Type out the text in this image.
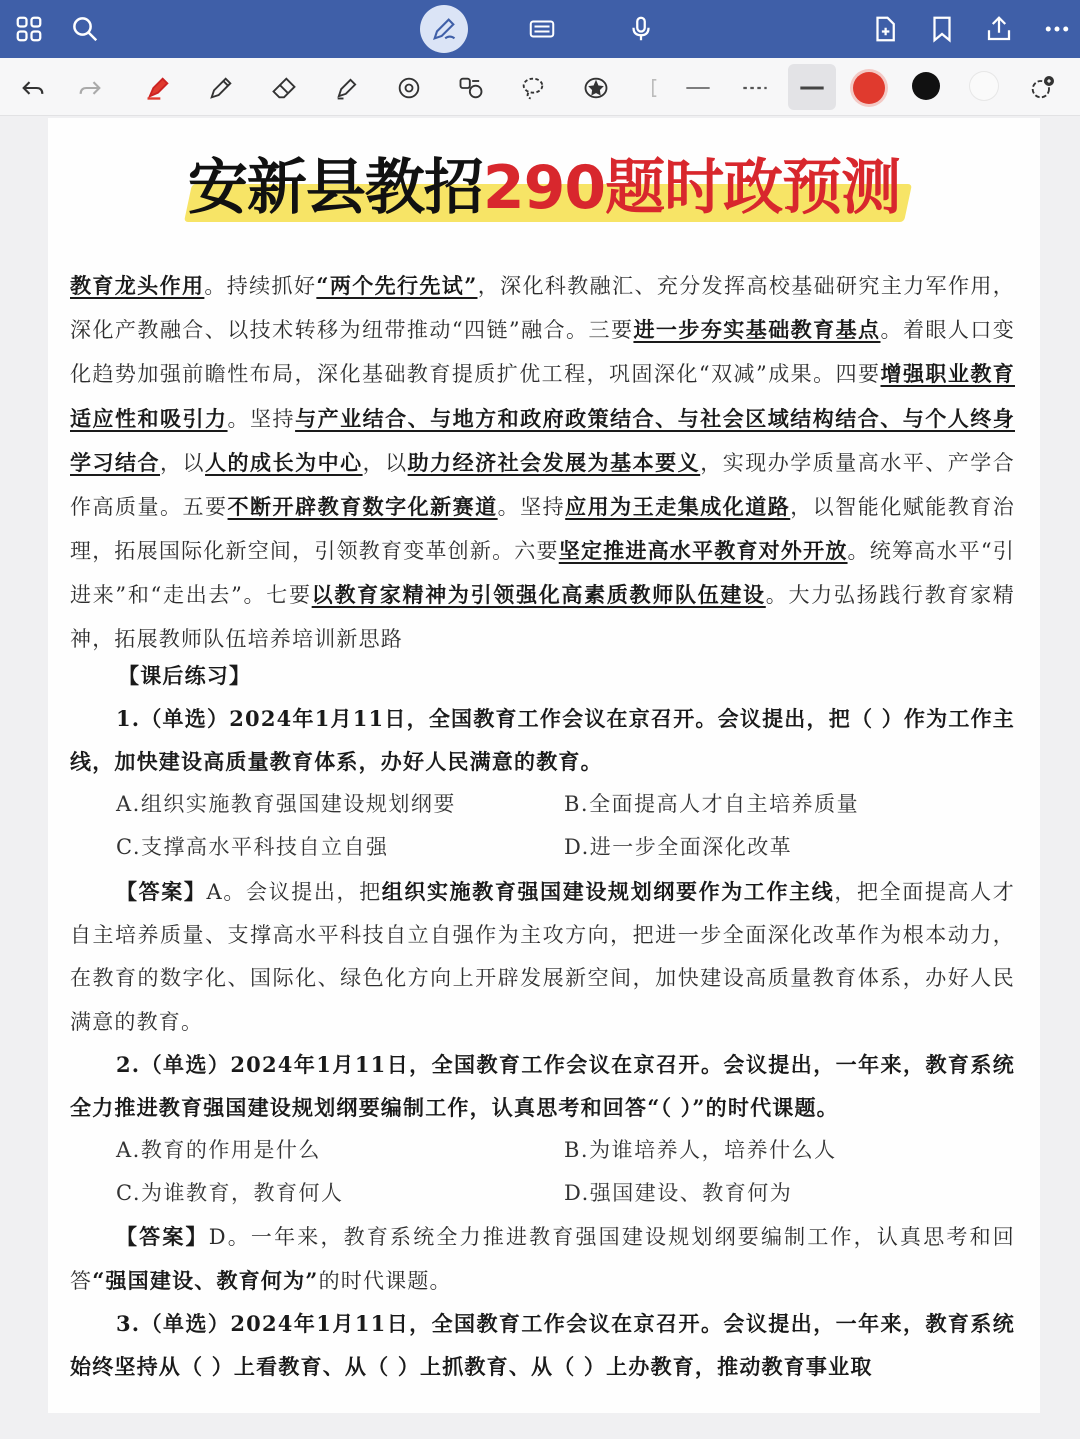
安新县教招290题时政预测
教育龙头作用。持续抓好“两个先行先试”，深化科教融汇、充分发挥高校基础研究主力军作用，深化产教融合、以技术转移为纽带推动“四链”融合。三要进一步夯实基础教育基点。着眼人口变化趋势加强前瞻性布局，深化基础教育提质扩优工程，巩固深化“双减”成果。四要增强职业教育适应性和吸引力。坚持与产业结合、与地方和政府政策结合、与社会区域结构结合、与个人终身学习结合，以人的成长为中心，以助力经济社会发展为基本要义，实现办学质量高水平、产学合作高质量。五要不断开辟教育数字化新赛道。坚持应用为王走集成化道路，以智能化赋能教育治理，拓展国际化新空间，引领教育变革创新。六要坚定推进高水平教育对外开放。统筹高水平“引进来”和“走出去”。七要以教育家精神为引领强化高素质教师队伍建设。大力弘扬践行教育家精神，拓展教师队伍培养培训新思路
【课后练习】
1.（单选）2024年1月11日，全国教育工作会议在京召开。会议提出，把（ ）作为工作主线，加快建设高质量教育体系，办好人民满意的教育。
A.组织实施教育强国建设规划纲要	B.全面提高人才自主培养质量
C.支撑高水平科技自立自强	D.进一步全面深化改革
【答案】A。会议提出，把组织实施教育强国建设规划纲要作为工作主线，把全面提高人才自主培养质量、支撑高水平科技自立自强作为主攻方向，把进一步全面深化改革作为根本动力，在教育的数字化、国际化、绿色化方向上开辟发展新空间，加快建设高质量教育体系，办好人民满意的教育。
2.（单选）2024年1月11日，全国教育工作会议在京召开。会议提出，一年来，教育系统全力推进教育强国建设规划纲要编制工作，认真思考和回答“（ ）”的时代课题。
A.教育的作用是什么	B.为谁培养人，培养什么人
C.为谁教育，教育何人	D.强国建设、教育何为
【答案】D。一年来，教育系统全力推进教育强国建设规划纲要编制工作，认真思考和回答“强国建设、教育何为”的时代课题。
3.（单选）2024年1月11日，全国教育工作会议在京召开。会议提出，一年来，教育系统始终坚持从（ ）上看教育、从（ ）上抓教育、从（ ）上办教育，推动教育事业取
